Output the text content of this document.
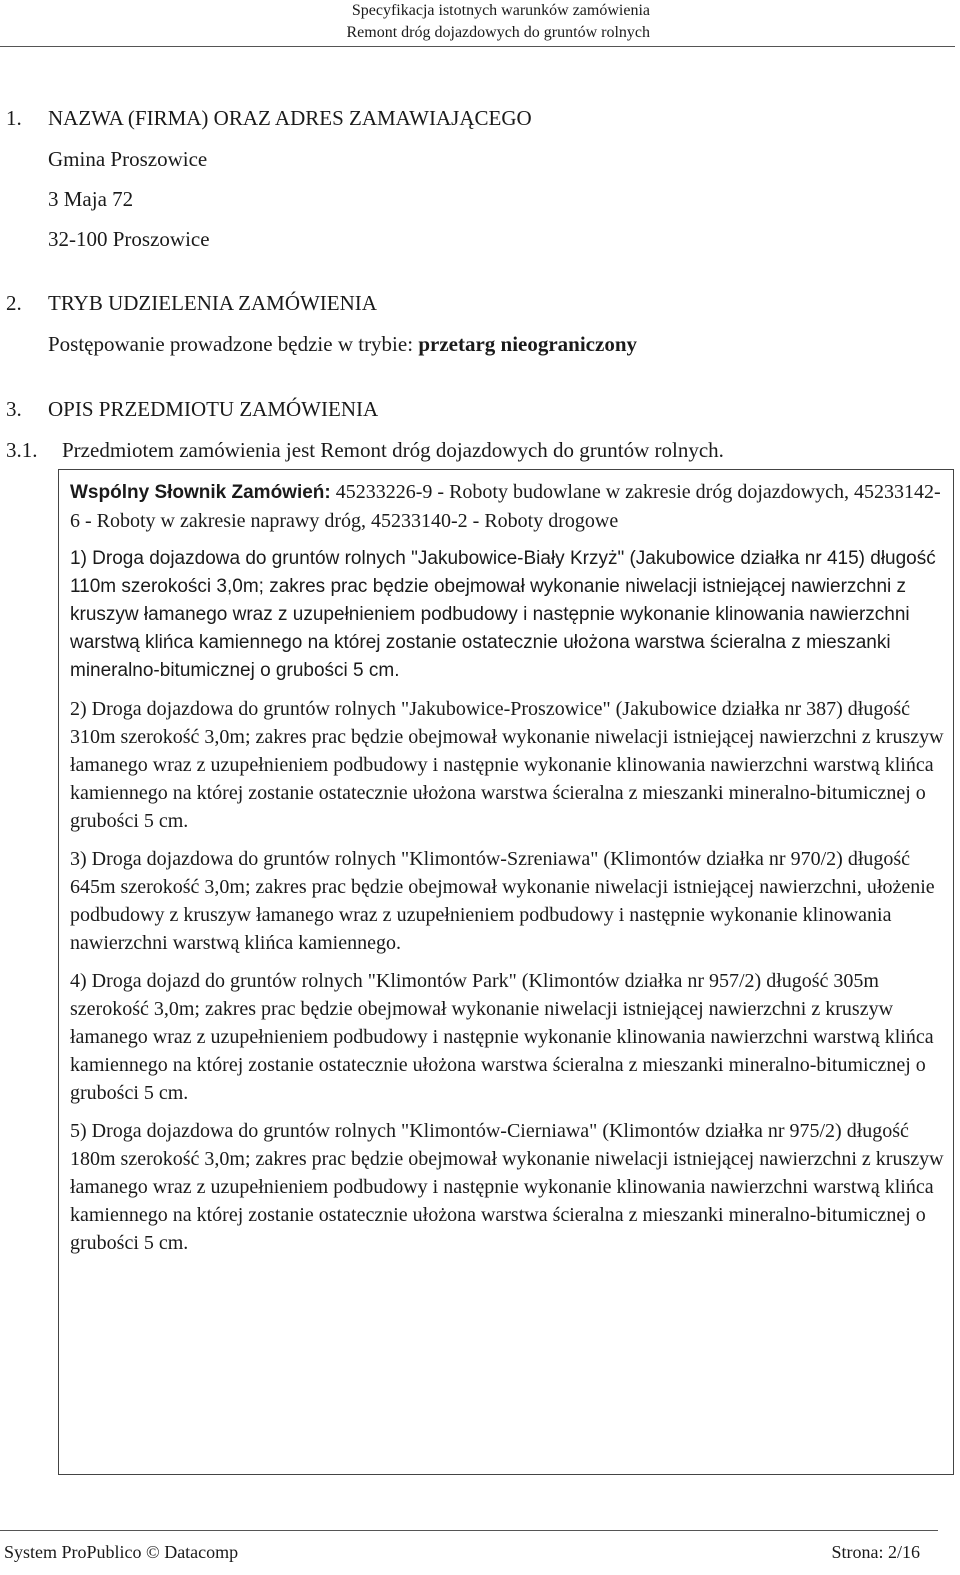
Specyfikacja istotnych warunków zamówienia
Remont dróg dojazdowych do gruntów rolnych
1. NAZWA (FIRMA) ORAZ ADRES ZAMAWIAJĄCEGO
Gmina Proszowice
3 Maja 72
32-100 Proszowice
2. TRYB UDZIELENIA ZAMÓWIENIA
Postępowanie prowadzone będzie w trybie: przetarg nieograniczony
3. OPIS PRZEDMIOTU ZAMÓWIENIA
3.1. Przedmiotem zamówienia jest Remont dróg dojazdowych do gruntów rolnych.

Wspólny Słownik Zamówień: 45233226-9 - Roboty budowlane w zakresie dróg dojazdowych, 45233142-6 - Roboty w zakresie naprawy dróg, 45233140-2 - Roboty drogowe

1) Droga dojazdowa do gruntów rolnych "Jakubowice-Biały Krzyż" (Jakubowice działka nr 415) długość 110m szerokości 3,0m; zakres prac będzie obejmował wykonanie niwelacji istniejącej nawierzchni z kruszyw łamanego wraz z uzupełnieniem podbudowy i następnie wykonanie klinowania nawierzchni warstwą klińca kamiennego na której zostanie ostatecznie ułożona warstwa ścieralna z mieszanki mineralno-bitumicznej o grubości 5 cm.

2) Droga dojazdowa do gruntów rolnych "Jakubowice-Proszowice" (Jakubowice działka nr 387) długość 310m szerokość 3,0m; zakres prac będzie obejmował wykonanie niwelacji istniejącej nawierzchni z kruszyw łamanego wraz z uzupełnieniem podbudowy i następnie wykonanie klinowania nawierzchni warstwą klińca kamiennego na której zostanie ostatecznie ułożona warstwa ścieralna z mieszanki mineralno-bitumicznej o grubości 5 cm.

3) Droga dojazdowa do gruntów rolnych "Klimontów-Szreniawa" (Klimontów działka nr 970/2) długość 645m szerokość 3,0m; zakres prac będzie obejmował wykonanie niwelacji istniejącej nawierzchni, ułożenie podbudowy z kruszyw łamanego wraz z uzupełnieniem podbudowy i następnie wykonanie klinowania nawierzchni warstwą klińca kamiennego.

4) Droga dojazd do gruntów rolnych "Klimontów Park" (Klimontów działka nr 957/2) długość 305m szerokość 3,0m; zakres prac będzie obejmował wykonanie niwelacji istniejącej nawierzchni z kruszyw łamanego wraz z uzupełnieniem podbudowy i następnie wykonanie klinowania nawierzchni warstwą klińca kamiennego na której zostanie ostatecznie ułożona warstwa ścieralna z mieszanki mineralno-bitumicznej o grubości 5 cm.

5) Droga dojazdowa do gruntów rolnych "Klimontów-Cierniawa" (Klimontów działka nr 975/2) długość 180m szerokość 3,0m; zakres prac będzie obejmował wykonanie niwelacji istniejącej nawierzchni z kruszyw łamanego wraz z uzupełnieniem podbudowy i następnie wykonanie klinowania nawierzchni warstwą klińca kamiennego na której zostanie ostatecznie ułożona warstwa ścieralna z mieszanki mineralno-bitumicznej o grubości 5 cm.

System ProPublico © Datacomp	Strona: 2/16
